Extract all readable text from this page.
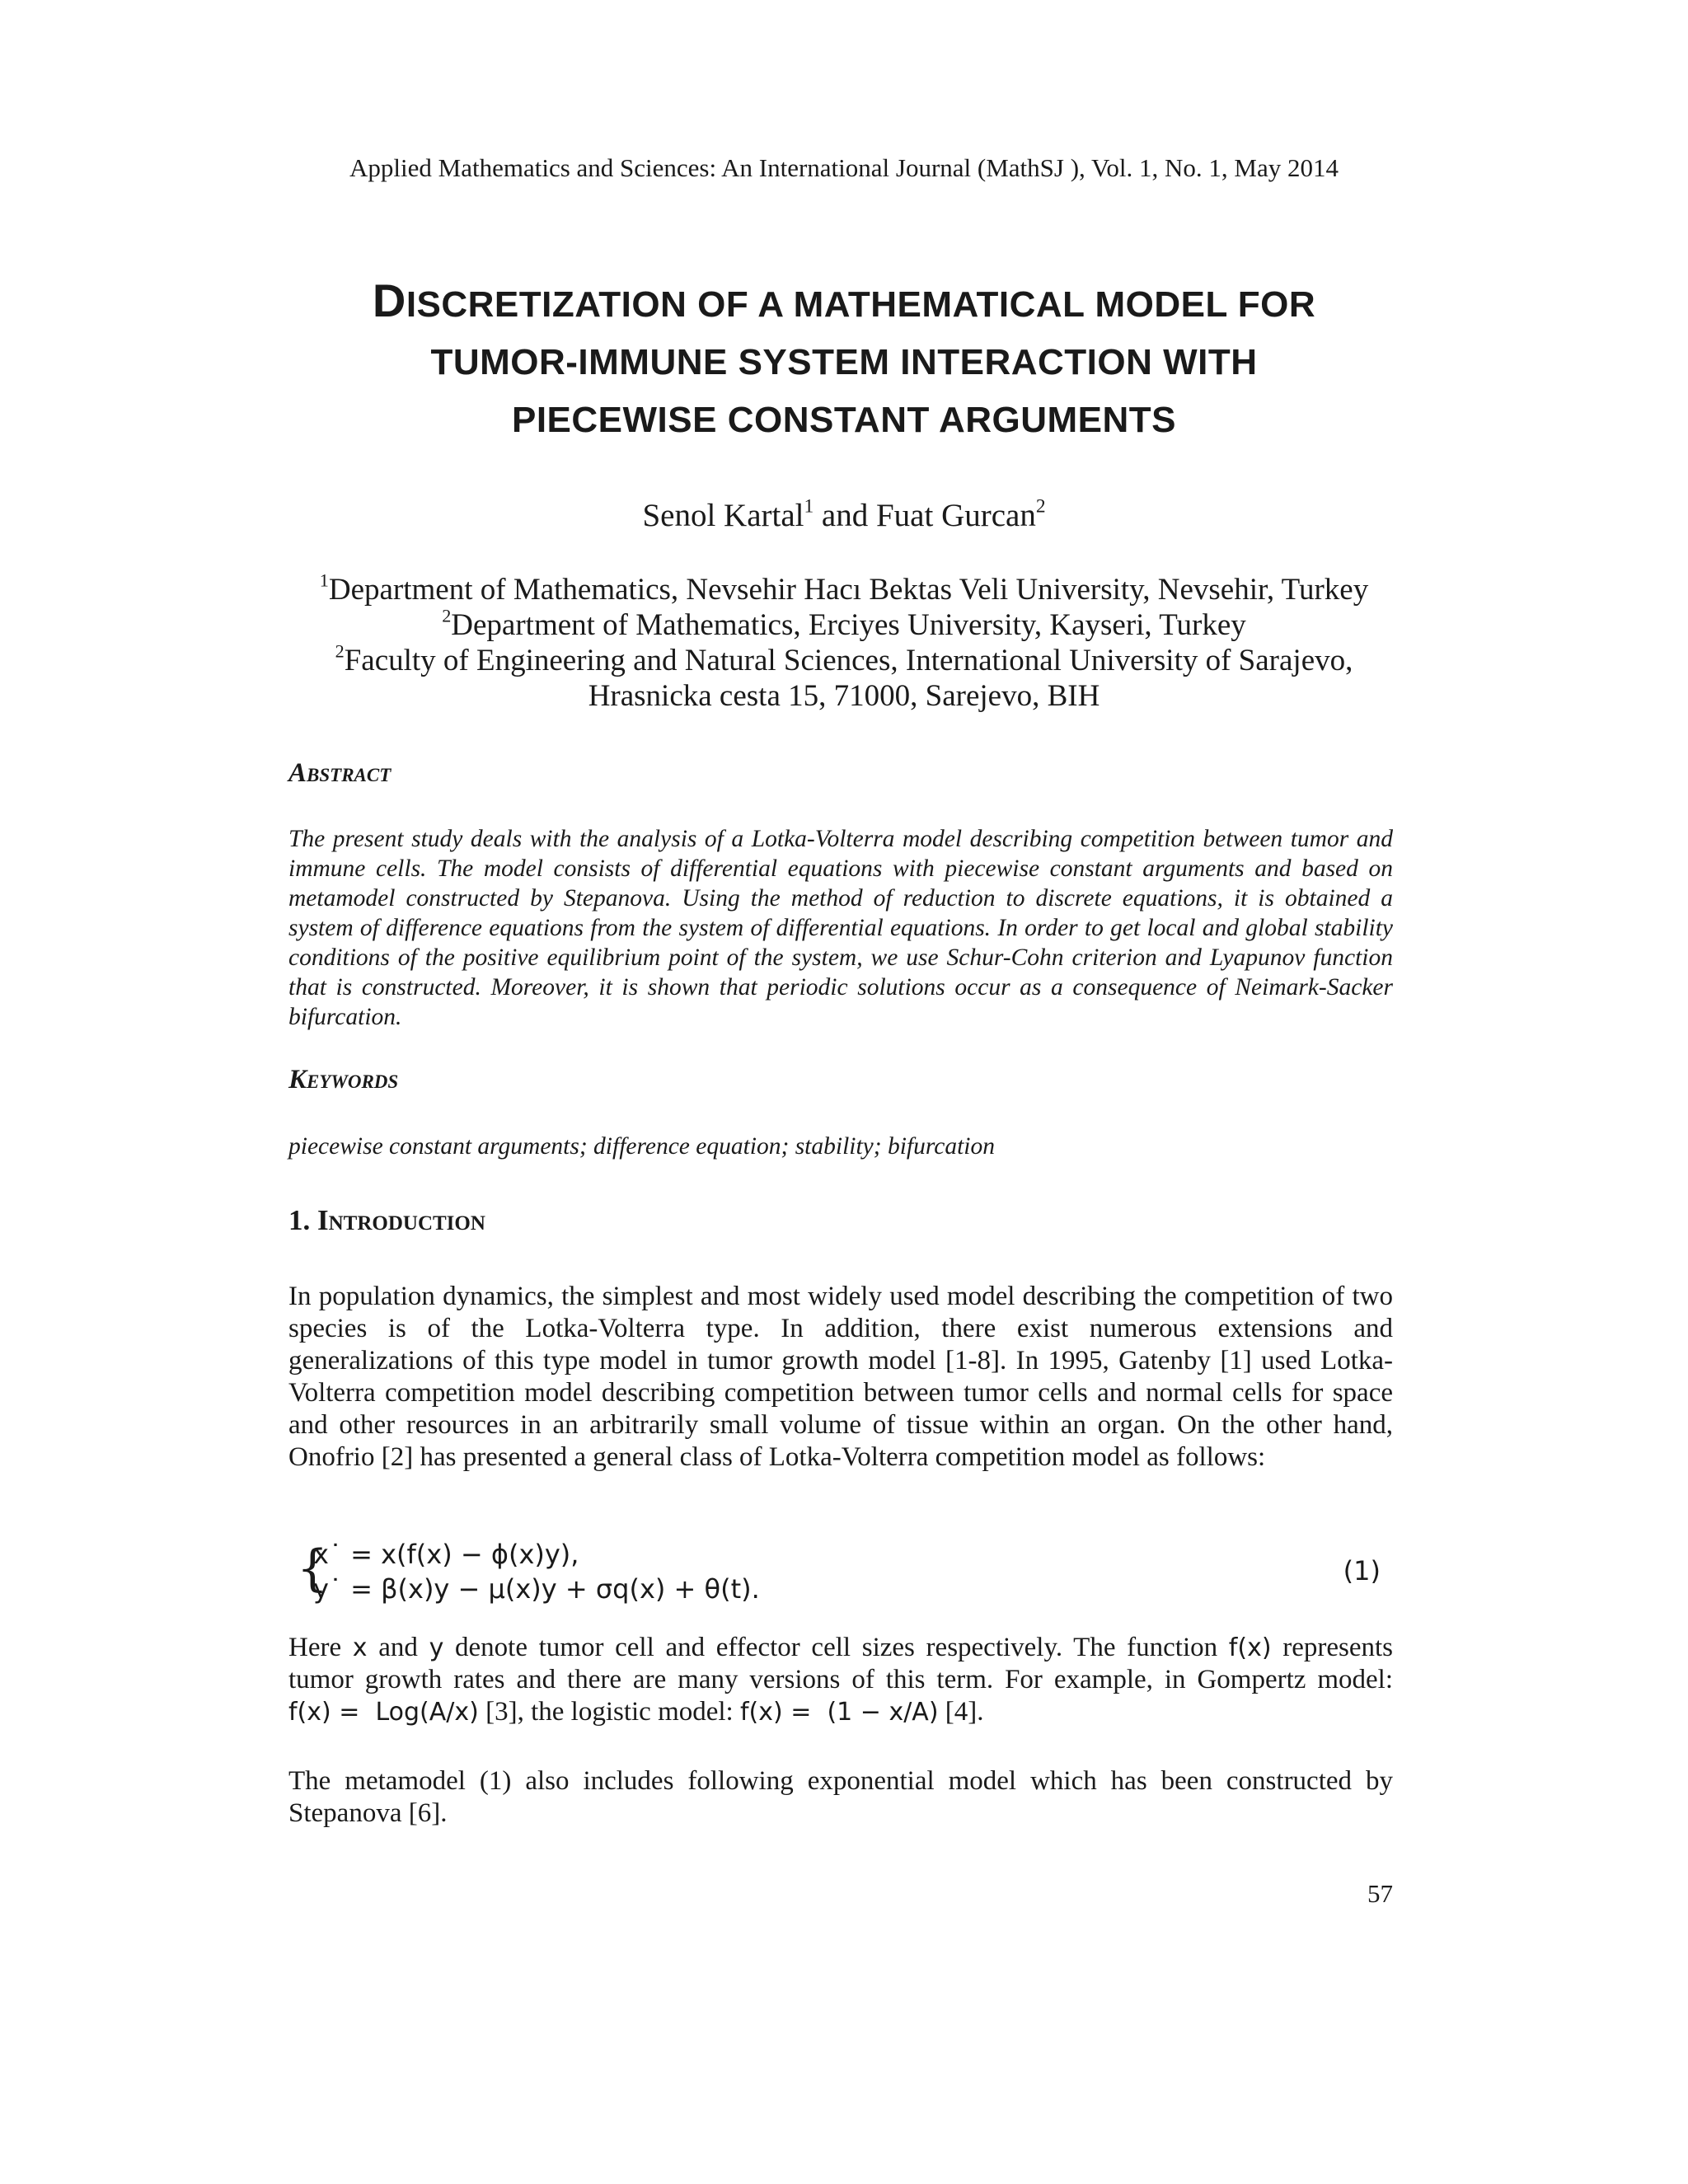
Applied Mathematics and Sciences: An International Journal (MathSJ ), Vol. 1, No. 1, May 2014
DISCRETIZATION OF A MATHEMATICAL MODEL FOR
TUMOR-IMMUNE SYSTEM INTERACTION WITH
PIECEWISE CONSTANT ARGUMENTS
Senol Kartal$^1$ and Fuat Gurcan$^2$
$^1$Department of Mathematics, Nevsehir Hacı Bektas Veli University, Nevsehir, Turkey
$^2$Department of Mathematics, Erciyes University, Kayseri, Turkey
$^2$Faculty of Engineering and Natural Sciences, International University of Sarajevo,
Hrasnicka cesta 15, 71000, Sarejevo, BIH
Abstract
The present study deals with the analysis of a Lotka-Volterra model describing competition between tumor and immune cells. The model consists of differential equations with piecewise constant arguments and based on metamodel constructed by Stepanova. Using the method of reduction to discrete equations, it is obtained a system of difference equations from the system of differential equations. In order to get local and global stability conditions of the positive equilibrium point of the system, we use Schur-Cohn criterion and Lyapunov function that is constructed. Moreover, it is shown that periodic solutions occur as a consequence of Neimark-Sacker bifurcation.
Keywords
piecewise constant arguments; difference equation; stability; bifurcation
1. Introduction
In population dynamics, the simplest and most widely used model describing the competition of two species is of the Lotka-Volterra type. In addition, there exist numerous extensions and generalizations of this type model in tumor growth model [1-8]. In 1995, Gatenby [1] used Lotka-Volterra competition model describing competition between tumor cells and normal cells for space and other resources in an arbitrarily small volume of tissue within an organ. On the other hand, Onofrio [2] has presented a general class of Lotka-Volterra competition model as follows:
{
x˙ = x(f(x) − ϕ(x)y),
y˙ = β(x)y − μ(x)y + σq(x) + θ(t).
(1)
Here x and y denote tumor cell and effector cell sizes respectively. The function f(x) represents tumor growth rates and there are many versions of this term. For example, in Gompertz model: f(x) =  Log(A/x) [3], the logistic model: f(x) =  (1 − x/A) [4].
The metamodel (1) also includes following exponential model which has been constructed by Stepanova [6].
57
